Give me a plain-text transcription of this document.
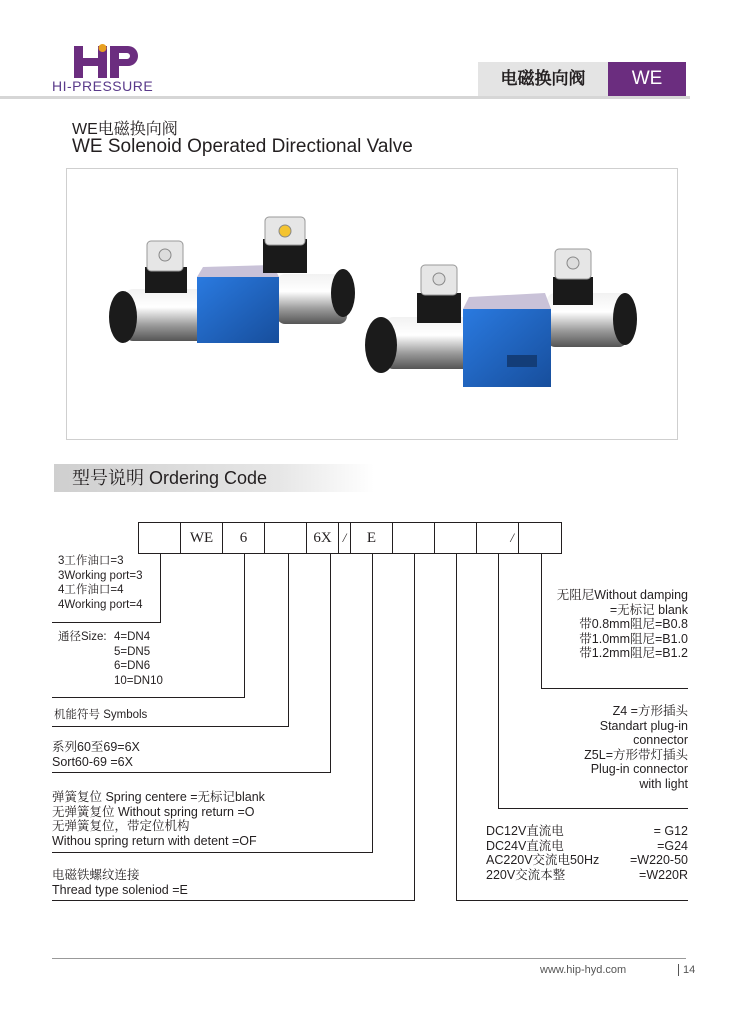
HI-PRESSURE	电磁换向阀	WE
WE电磁换向阀
WE Solenoid Operated Directional Valve
型号说明 Ordering Code
WE	6	6X /	E	/
3工作油口=3
3Working port=3
4工作油口=4
4Working port=4
通径Size: 4=DN4
5=DN5
6=DN6
10=DN10
机能符号 Symbols
系列60至69=6X
Sort60-69 =6X
弹簧复位 Spring centere =无标记blank
无弹簧复位 Without spring return =O
无弹簧复位，带定位机构
Withou spring return with detent =OF
电磁铁螺纹连接
Thread type soleniod =E
无阻尼Without damping
=无标记 blank
带0.8mm阻尼=B0.8
带1.0mm阻尼=B1.0
带1.2mm阻尼=B1.2
Z4 =方形插头
Standart plug-in
connector
Z5L=方形带灯插头
Plug-in connector
with light
DC12V直流电	= G12
DC24V直流电	=G24
AC220V交流电50Hz =W220-50
220V交流本整	=W220R
www.hip-hyd.com	14
